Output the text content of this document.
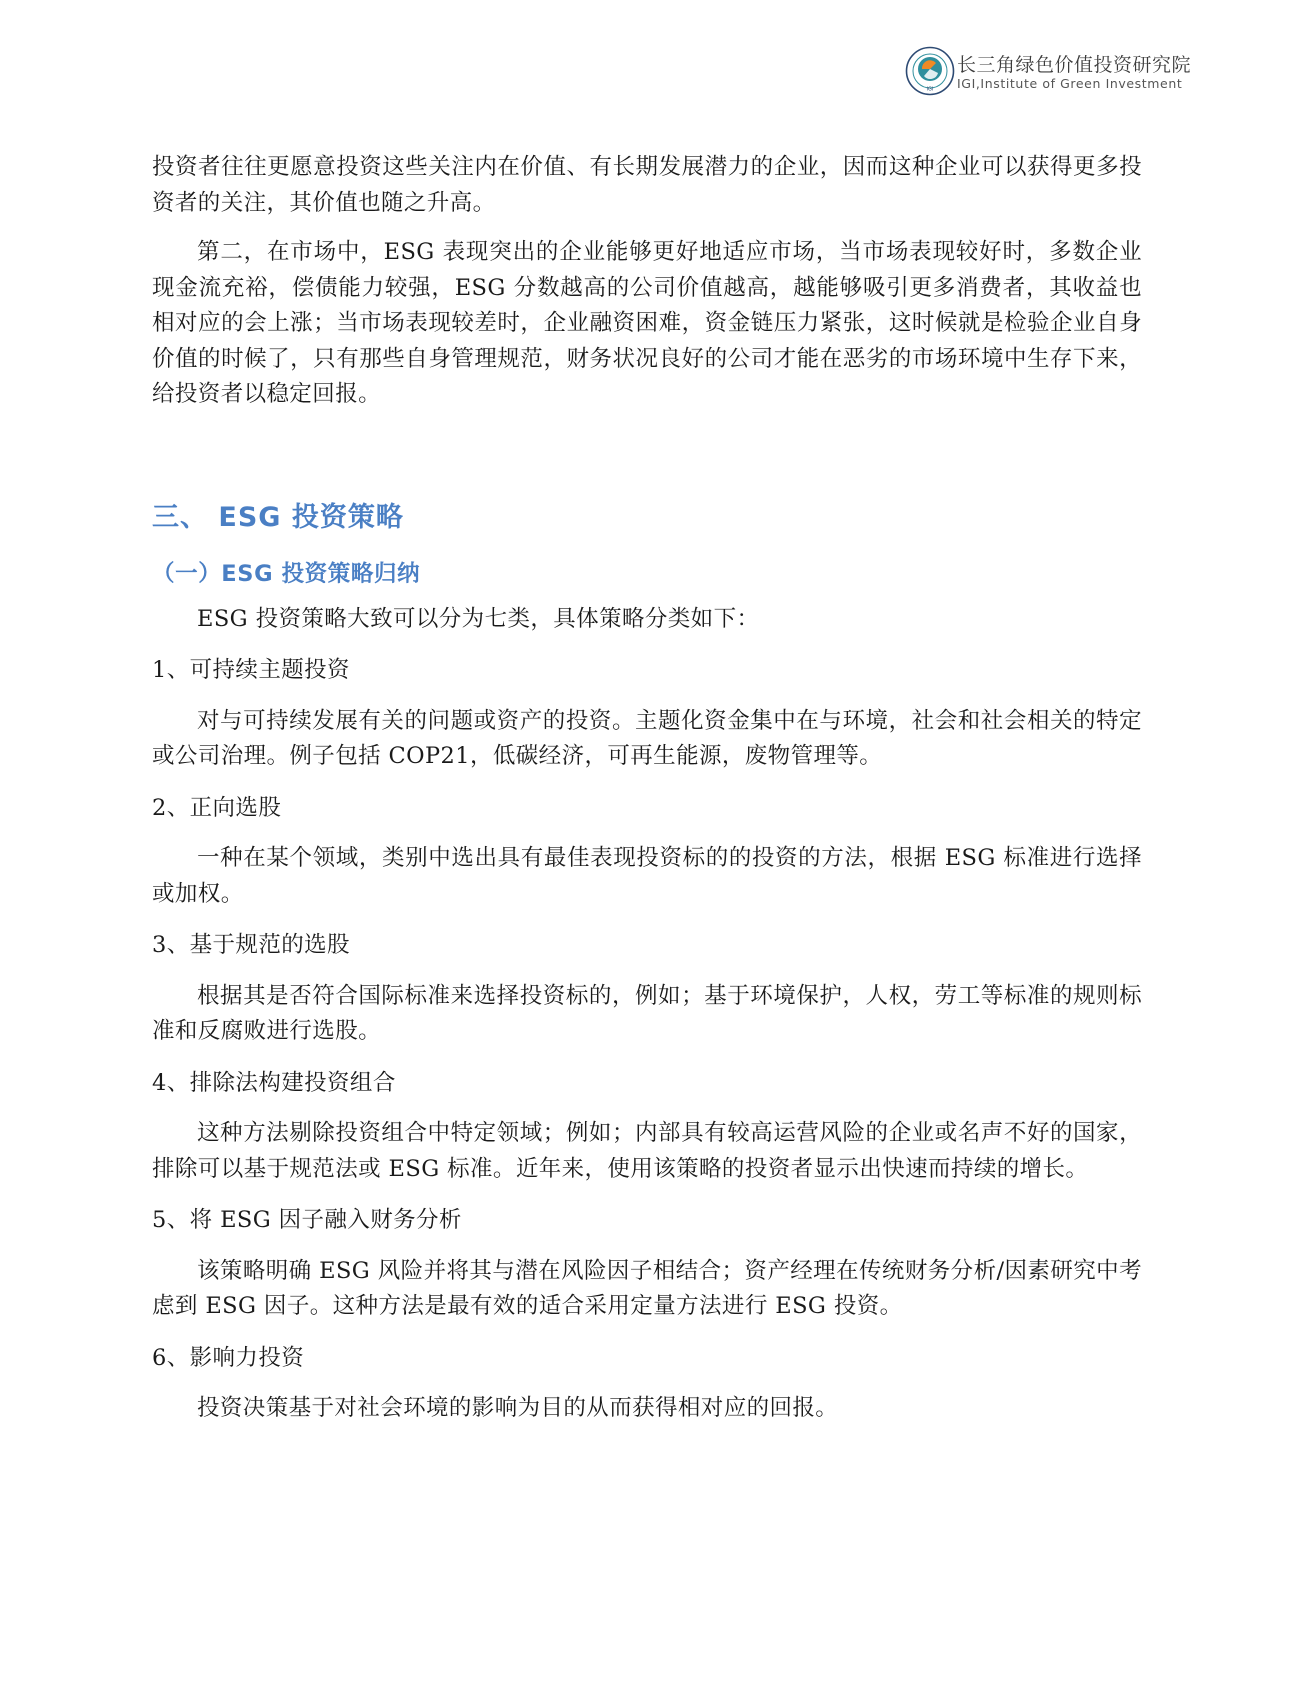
IGI
长三角绿色价值投资研究院
IGI,Institute of Green Investment

投资者往往更愿意投资这些关注内在价值、有长期发展潜力的企业，因而这种企业可以获得更多投资者的关注，其价值也随之升高。

第二，在市场中，ESG 表现突出的企业能够更好地适应市场，当市场表现较好时，多数企业现金流充裕，偿债能力较强，ESG 分数越高的公司价值越高，越能够吸引更多消费者，其收益也相对应的会上涨；当市场表现较差时，企业融资困难，资金链压力紧张，这时候就是检验企业自身价值的时候了，只有那些自身管理规范，财务状况良好的公司才能在恶劣的市场环境中生存下来，给投资者以稳定回报。

三、 ESG 投资策略
（一）ESG 投资策略归纳

ESG 投资策略大致可以分为七类，具体策略分类如下：

1、可持续主题投资

对与可持续发展有关的问题或资产的投资。主题化资金集中在与环境，社会和社会相关的特定或公司治理。例子包括 COP21，低碳经济，可再生能源，废物管理等。

2、正向选股

一种在某个领域，类别中选出具有最佳表现投资标的的投资的方法，根据 ESG 标准进行选择或加权。

3、基于规范的选股

根据其是否符合国际标准来选择投资标的，例如；基于环境保护，人权，劳工等标准的规则标准和反腐败进行选股。

4、排除法构建投资组合

这种方法剔除投资组合中特定领域；例如；内部具有较高运营风险的企业或名声不好的国家，排除可以基于规范法或 ESG 标准。近年来，使用该策略的投资者显示出快速而持续的增长。

5、将 ESG 因子融入财务分析

该策略明确 ESG 风险并将其与潜在风险因子相结合；资产经理在传统财务分析/因素研究中考虑到 ESG 因子。这种方法是最有效的适合采用定量方法进行 ESG 投资。

6、影响力投资

投资决策基于对社会环境的影响为目的从而获得相对应的回报。
